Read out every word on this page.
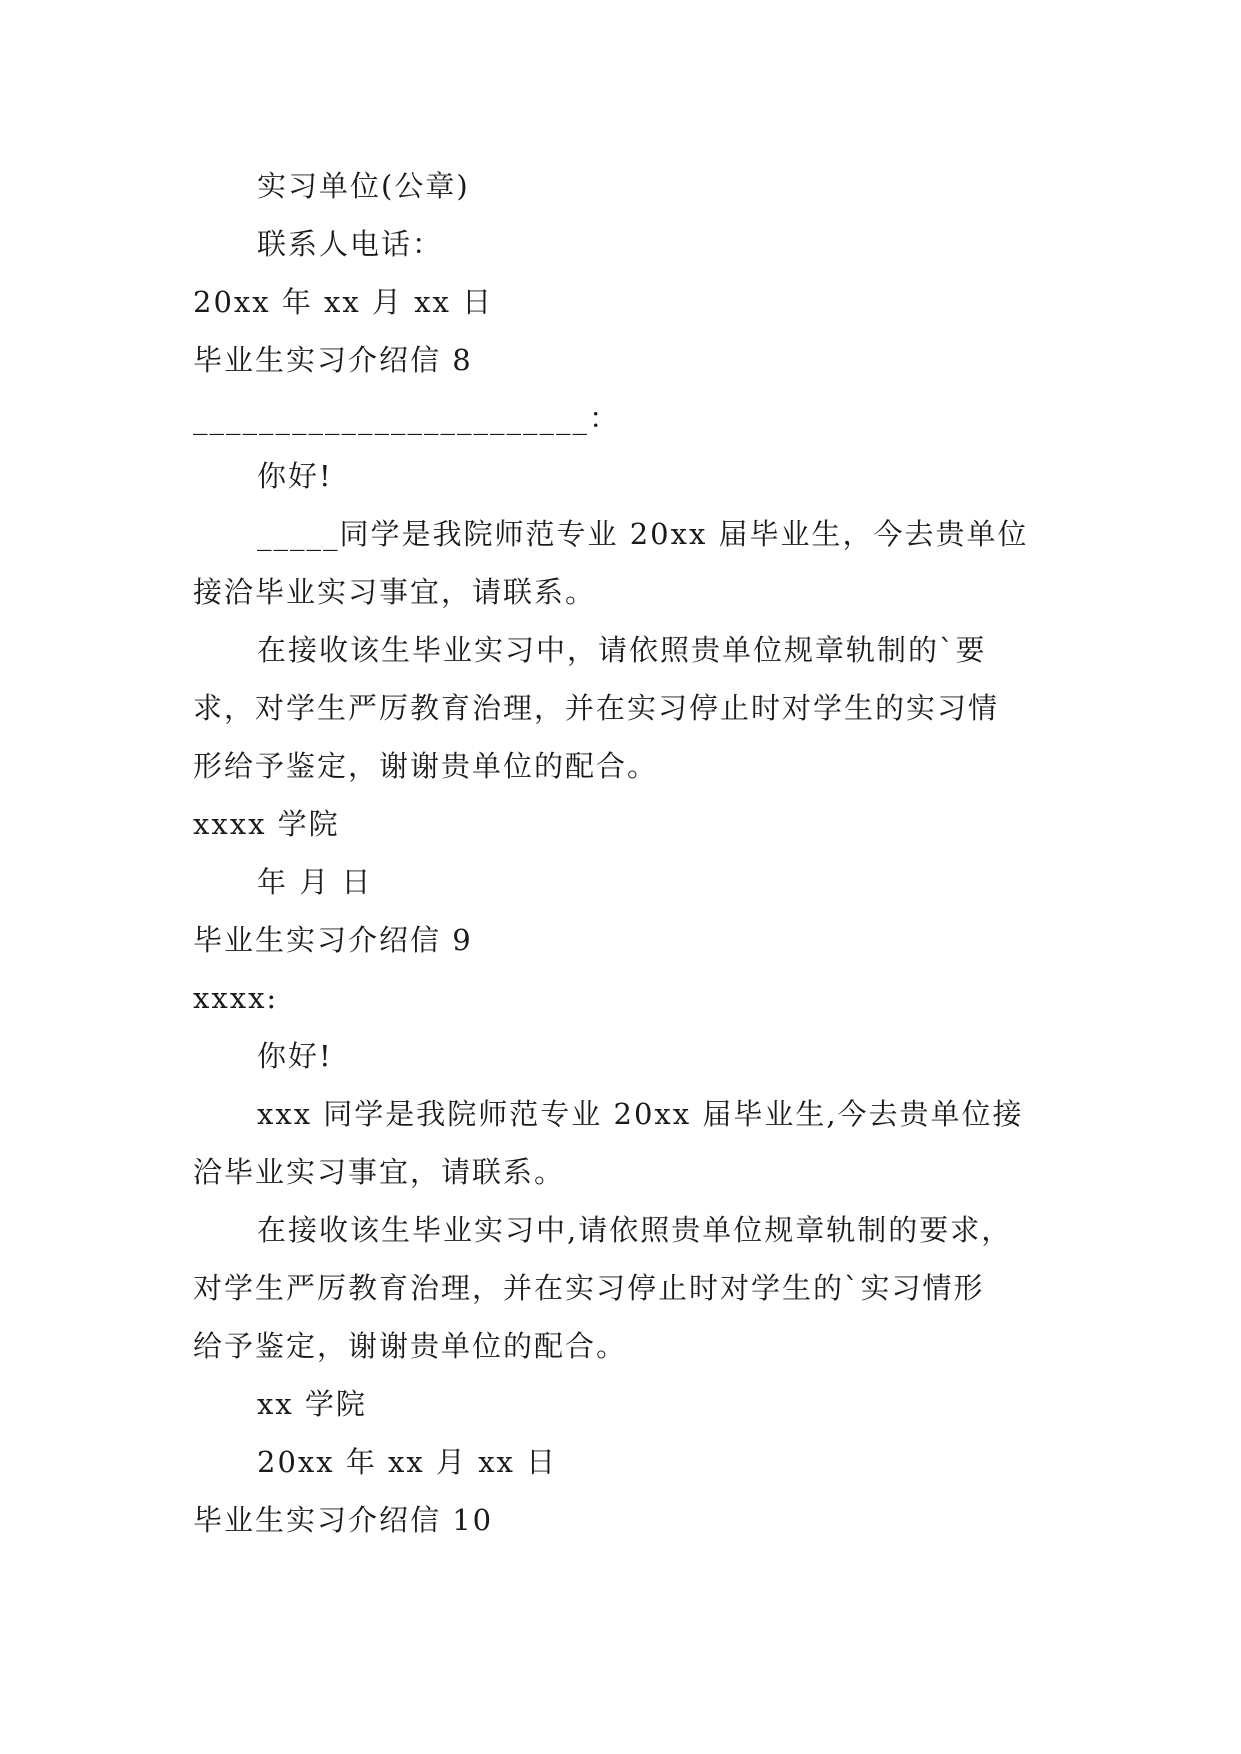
实习单位(公章)

联系人电话：

20xx 年 xx 月 xx 日

毕业生实习介绍信 8

________________________：

你好!

_____同学是我院师范专业 20xx 届毕业生，今去贵单位

接洽毕业实习事宜，请联系。

在接收该生毕业实习中，请依照贵单位规章轨制的`要

求，对学生严厉教育治理，并在实习停止时对学生的实习情

形给予鉴定，谢谢贵单位的配合。

xxxx 学院

年 月 日

毕业生实习介绍信 9

xxxx:

你好!

xxx 同学是我院师范专业 20xx 届毕业生,今去贵单位接

洽毕业实习事宜，请联系。

在接收该生毕业实习中,请依照贵单位规章轨制的要求，

对学生严厉教育治理，并在实习停止时对学生的`实习情形

给予鉴定，谢谢贵单位的配合。

xx 学院

20xx 年 xx 月 xx 日

毕业生实习介绍信 10
